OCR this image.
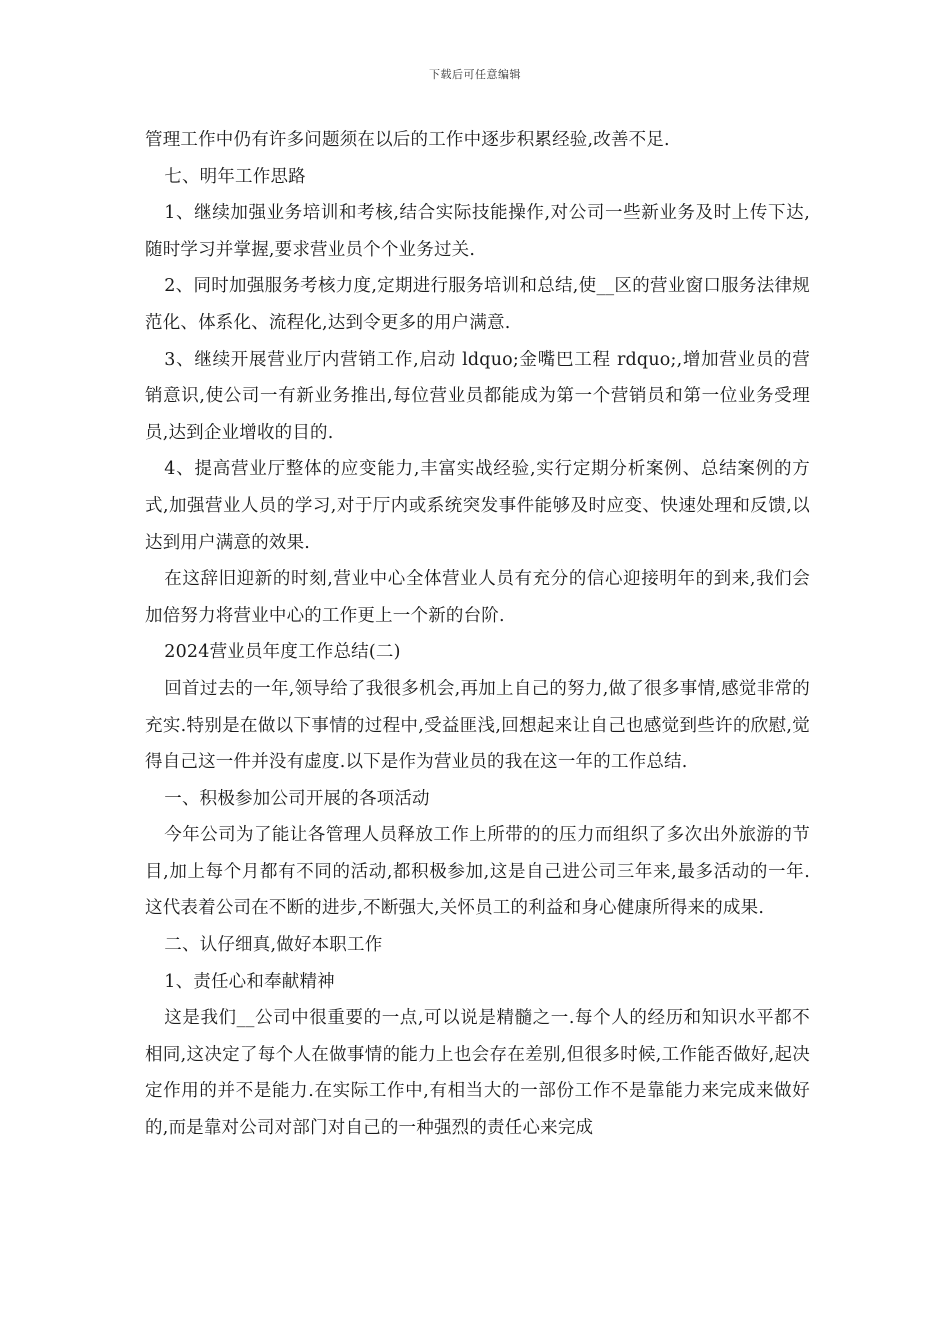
下载后可任意编辑

管理工作中仍有许多问题须在以后的工作中逐步积累经验,改善不足.

七、明年工作思路

1、继续加强业务培训和考核,结合实际技能操作,对公司一些新业务及时上传下达,随时学习并掌握,要求营业员个个业务过关.

2、同时加强服务考核力度,定期进行服务培训和总结,使__区的营业窗口服务法律规范化、体系化、流程化,达到令更多的用户满意.

3、继续开展营业厅内营销工作,启动 ldquo;金嘴巴工程 rdquo;,增加营业员的营销意识,使公司一有新业务推出,每位营业员都能成为第一个营销员和第一位业务受理员,达到企业增收的目的.

4、提高营业厅整体的应变能力,丰富实战经验,实行定期分析案例、总结案例的方式,加强营业人员的学习,对于厅内或系统突发事件能够及时应变、快速处理和反馈,以达到用户满意的效果.

在这辞旧迎新的时刻,营业中心全体营业人员有充分的信心迎接明年的到来,我们会加倍努力将营业中心的工作更上一个新的台阶.

2024营业员年度工作总结(二)

回首过去的一年,领导给了我很多机会,再加上自己的努力,做了很多事情,感觉非常的充实.特别是在做以下事情的过程中,受益匪浅,回想起来让自己也感觉到些许的欣慰,觉得自己这一件并没有虚度.以下是作为营业员的我在这一年的工作总结.

一、积极参加公司开展的各项活动

今年公司为了能让各管理人员释放工作上所带的的压力而组织了多次出外旅游的节目,加上每个月都有不同的活动,都积极参加,这是自己进公司三年来,最多活动的一年.这代表着公司在不断的进步,不断强大,关怀员工的利益和身心健康所得来的成果.

二、认仔细真,做好本职工作

1、责任心和奉献精神

这是我们__公司中很重要的一点,可以说是精髓之一.每个人的经历和知识水平都不相同,这决定了每个人在做事情的能力上也会存在差别,但很多时候,工作能否做好,起决定作用的并不是能力.在实际工作中,有相当大的一部份工作不是靠能力来完成来做好的,而是靠对公司对部门对自己的一种强烈的责任心来完成
